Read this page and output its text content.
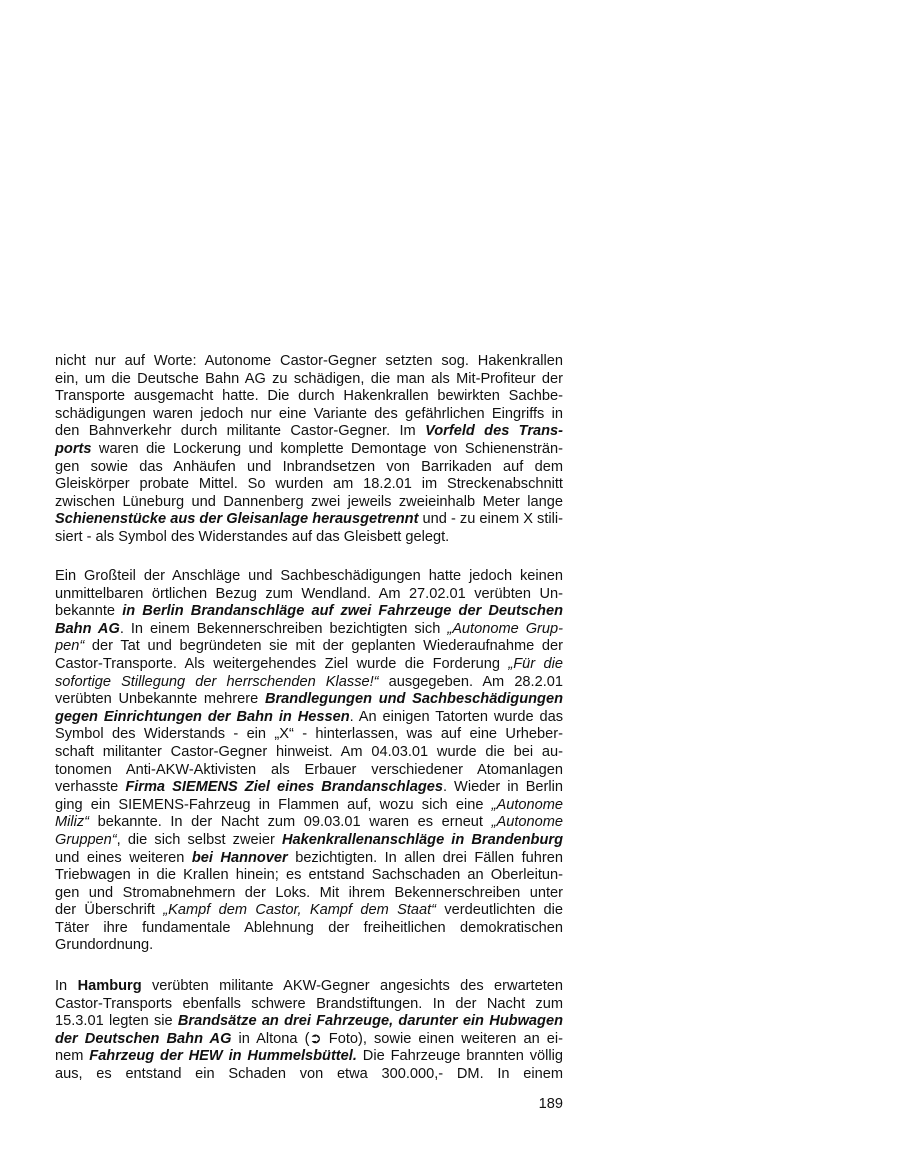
nicht nur auf Worte: Autonome Castor-Gegner setzten sog. Hakenkrallen
ein, um die Deutsche Bahn AG zu schädigen, die man als Mit-Profiteur der
Transporte ausgemacht hatte. Die durch Hakenkrallen bewirkten Sachbe-
schädigungen waren jedoch nur eine Variante des gefährlichen Eingriffs in
den Bahnverkehr durch militante Castor-Gegner. Im Vorfeld des Trans-
ports waren die Lockerung und komplette Demontage von Schienensträn-
gen sowie das Anhäufen und Inbrandsetzen von Barrikaden auf dem
Gleiskörper probate Mittel. So wurden am 18.2.01 im Streckenabschnitt
zwischen Lüneburg und Dannenberg zwei jeweils zweieinhalb Meter lange
Schienenstücke aus der Gleisanlage herausgetrennt und - zu einem X stili-
siert - als Symbol des Widerstandes auf das Gleisbett gelegt.
Ein Großteil der Anschläge und Sachbeschädigungen hatte jedoch keinen
unmittelbaren örtlichen Bezug zum Wendland. Am 27.02.01 verübten Un-
bekannte in Berlin Brandanschläge auf zwei Fahrzeuge der Deutschen
Bahn AG. In einem Bekennerschreiben bezichtigten sich „Autonome Grup-
pen“ der Tat und begründeten sie mit der geplanten Wiederaufnahme der
Castor-Transporte. Als weitergehendes Ziel wurde die Forderung „Für die
sofortige Stillegung der herrschenden Klasse!“ ausgegeben. Am 28.2.01
verübten Unbekannte mehrere Brandlegungen und Sachbeschädigungen
gegen Einrichtungen der Bahn in Hessen. An einigen Tatorten wurde das
Symbol des Widerstands - ein „X“ - hinterlassen, was auf eine Urheber-
schaft militanter Castor-Gegner hinweist. Am 04.03.01 wurde die bei au-
tonomen Anti-AKW-Aktivisten als Erbauer verschiedener Atomanlagen
verhasste Firma SIEMENS Ziel eines Brandanschlages. Wieder in Berlin
ging ein SIEMENS-Fahrzeug in Flammen auf, wozu sich eine „Autonome
Miliz“ bekannte. In der Nacht zum 09.03.01 waren es erneut „Autonome
Gruppen“, die sich selbst zweier Hakenkrallenanschläge in Brandenburg
und eines weiteren bei Hannover bezichtigten. In allen drei Fällen fuhren
Triebwagen in die Krallen hinein; es entstand Sachschaden an Oberleitun-
gen und Stromabnehmern der Loks. Mit ihrem Bekennerschreiben unter
der Überschrift „Kampf dem Castor, Kampf dem Staat“ verdeutlichten die
Täter ihre fundamentale Ablehnung der freiheitlichen demokratischen
Grundordnung.
In Hamburg verübten militante AKW-Gegner angesichts des erwarteten
Castor-Transports ebenfalls schwere Brandstiftungen. In der Nacht zum
15.3.01 legten sie Brandsätze an drei Fahrzeuge, darunter ein Hubwagen
der Deutschen Bahn AG in Altona (➲ Foto), sowie einen weiteren an ei-
nem Fahrzeug der HEW in Hummelsbüttel. Die Fahrzeuge brannten völlig
aus, es entstand ein Schaden von etwa 300.000,- DM. In einem
189
